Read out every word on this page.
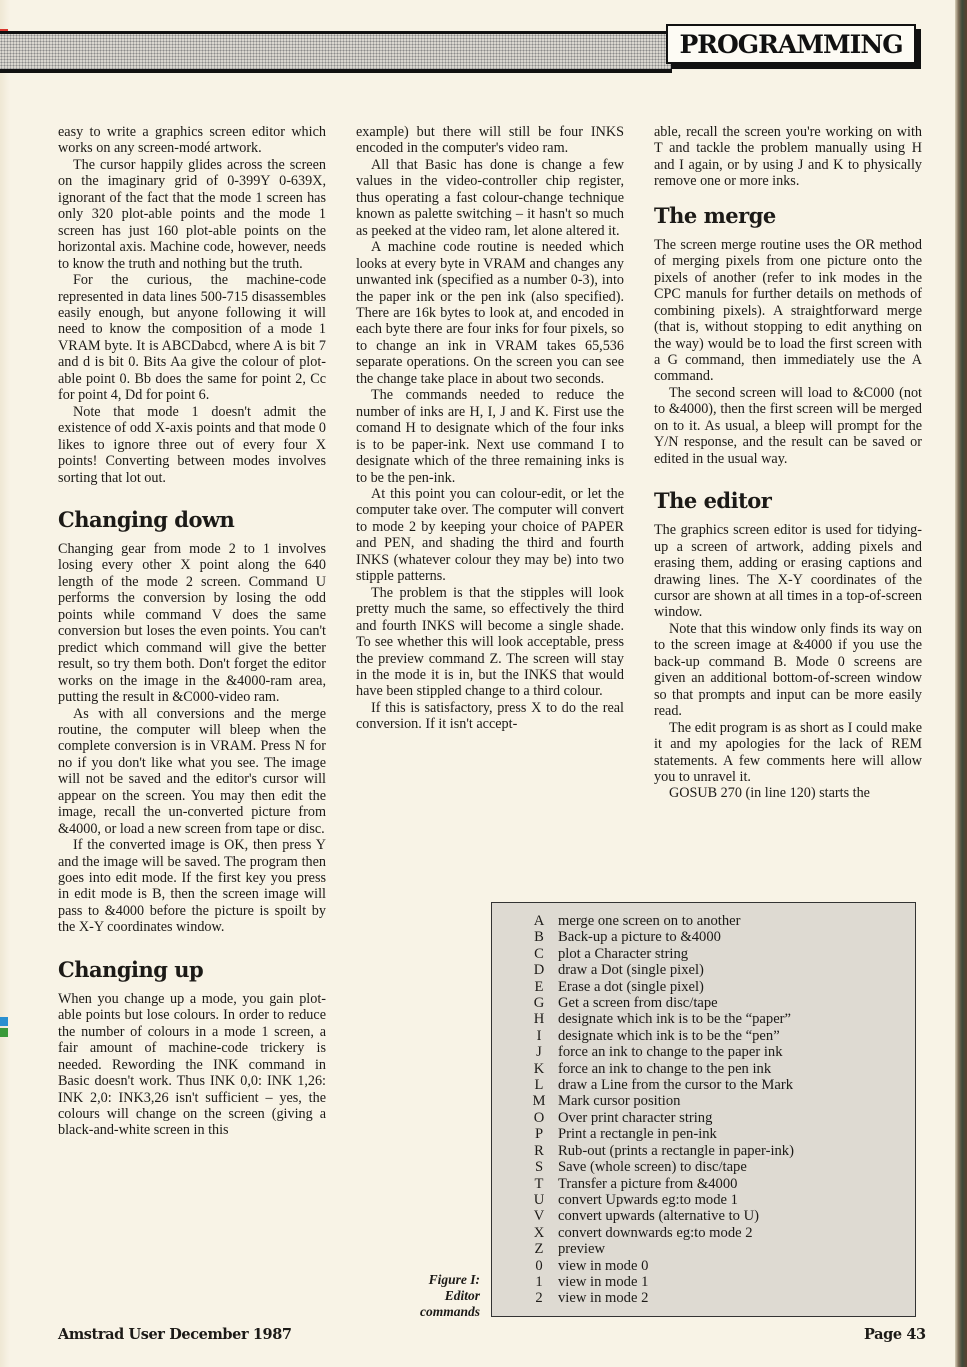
PROGRAMMING

easy to write a graphics screen editor which works on any screen-modé artwork.

The cursor happily glides across the screen on the imaginary grid of 0-399Y 0-639X, ignorant of the fact that the mode 1 screen has only 320 plot-able points and the mode 1 screen has just 160 plot-able points on the horizontal axis. Machine code, however, needs to know the truth and nothing but the truth.

For the curious, the machine-code represented in data lines 500-715 disassembles easily enough, but anyone following it will need to know the composition of a mode 1 VRAM byte. It is ABCDabcd, where A is bit 7 and d is bit 0. Bits Aa give the colour of plot-able point 0. Bb does the same for point 2, Cc for point 4, Dd for point 6.

Note that mode 1 doesn't admit the existence of odd X-axis points and that mode 0 likes to ignore three out of every four X points! Converting between modes involves sorting that lot out.

Changing down

Changing gear from mode 2 to 1 involves losing every other X point along the 640 length of the mode 2 screen. Command U performs the conversion by losing the odd points while command V does the same conversion but loses the even points. You can't predict which command will give the better result, so try them both. Don't forget the editor works on the image in the &4000-ram area, putting the result in &C000-video ram.

As with all conversions and the merge routine, the computer will bleep when the complete conversion is in VRAM. Press N for no if you don't like what you see. The image will not be saved and the editor's cursor will appear on the screen. You may then edit the image, recall the un-converted picture from &4000, or load a new screen from tape or disc.

If the converted image is OK, then press Y and the image will be saved. The program then goes into edit mode. If the first key you press in edit mode is B, then the screen image will pass to &4000 before the picture is spoilt by the X-Y coordinates window.

Changing up

When you change up a mode, you gain plot-able points but lose colours. In order to reduce the number of colours in a mode 1 screen, a fair amount of machine-code trickery is needed. Rewording the INK command in Basic doesn't work. Thus INK 0,0: INK 1,26: INK 2,0: INK3,26 isn't sufficient – yes, the colours will change on the screen (giving a black-and-white screen in this

example) but there will still be four INKS encoded in the computer's video ram.

All that Basic has done is change a few values in the video-controller chip register, thus operating a fast colour-change technique known as palette switching – it hasn't so much as peeked at the video ram, let alone altered it.

A machine code routine is needed which looks at every byte in VRAM and changes any unwanted ink (specified as a number 0-3), into the paper ink or the pen ink (also specified). There are 16k bytes to look at, and encoded in each byte there are four inks for four pixels, so to change an ink in VRAM takes 65,536 separate operations. On the screen you can see the change take place in about two seconds.

The commands needed to reduce the number of inks are H, I, J and K. First use the comand H to designate which of the four inks is to be paper-ink. Next use command I to designate which of the three remaining inks is to be the pen-ink.

At this point you can colour-edit, or let the computer take over. The computer will convert to mode 2 by keeping your choice of PAPER and PEN, and shading the third and fourth INKS (whatever colour they may be) into two stipple patterns.

The problem is that the stipples will look pretty much the same, so effectively the third and fourth INKS will become a single shade. To see whether this will look acceptable, press the preview command Z. The screen will stay in the mode it is in, but the INKS that would have been stippled change to a third colour.

If this is satisfactory, press X to do the real conversion. If it isn't accept-

able, recall the screen you're working on with T and tackle the problem manually using H and I again, or by using J and K to physically remove one or more inks.

The merge

The screen merge routine uses the OR method of merging pixels from one picture onto the pixels of another (refer to ink modes in the CPC manuls for further details on methods of combining pixels). A straightforward merge (that is, without stopping to edit anything on the way) would be to load the first screen with a G command, then immediately use the A command.

The second screen will load to &C000 (not to &4000), then the first screen will be merged on to it. As usual, a bleep will prompt for the Y/N response, and the result can be saved or edited in the usual way.

The editor

The graphics screen editor is used for tidying-up a screen of artwork, adding pixels and erasing them, adding or erasing captions and drawing lines. The X-Y coordinates of the cursor are shown at all times in a top-of-screen window.

Note that this window only finds its way on to the screen image at &4000 if you use the back-up command B. Mode 0 screens are given an additional bottom-of-screen window so that prompts and input can be more easily read.

The edit program is as short as I could make it and my apologies for the lack of REM statements. A few comments here will allow you to unravel it.

GOSUB 270 (in line 120) starts the

Figure I:
Editor
commands
A merge one screen on to another
B Back-up a picture to &4000
C plot a Character string
D draw a Dot (single pixel)
E Erase a dot (single pixel)
G Get a screen from disc/tape
H designate which ink is to be the “paper”
I	designate which ink is to be the “pen”
J	force an ink to change to the paper ink
K force an ink to change to the pen ink
L draw a Line from the cursor to the Mark
M Mark cursor position
O Over print character string
P	Print a rectangle in pen-ink
R Rub-out (prints a rectangle in paper-ink)
S	Save (whole screen) to disc/tape
T Transfer a picture from &4000
U convert Upwards eg:to mode 1
V convert upwards (alternative to U)
X convert downwards eg:to mode 2
Z preview
0	view in mode 0
1	view in mode 1
2	view in mode 2
Amstrad User December 1987	Page 43
